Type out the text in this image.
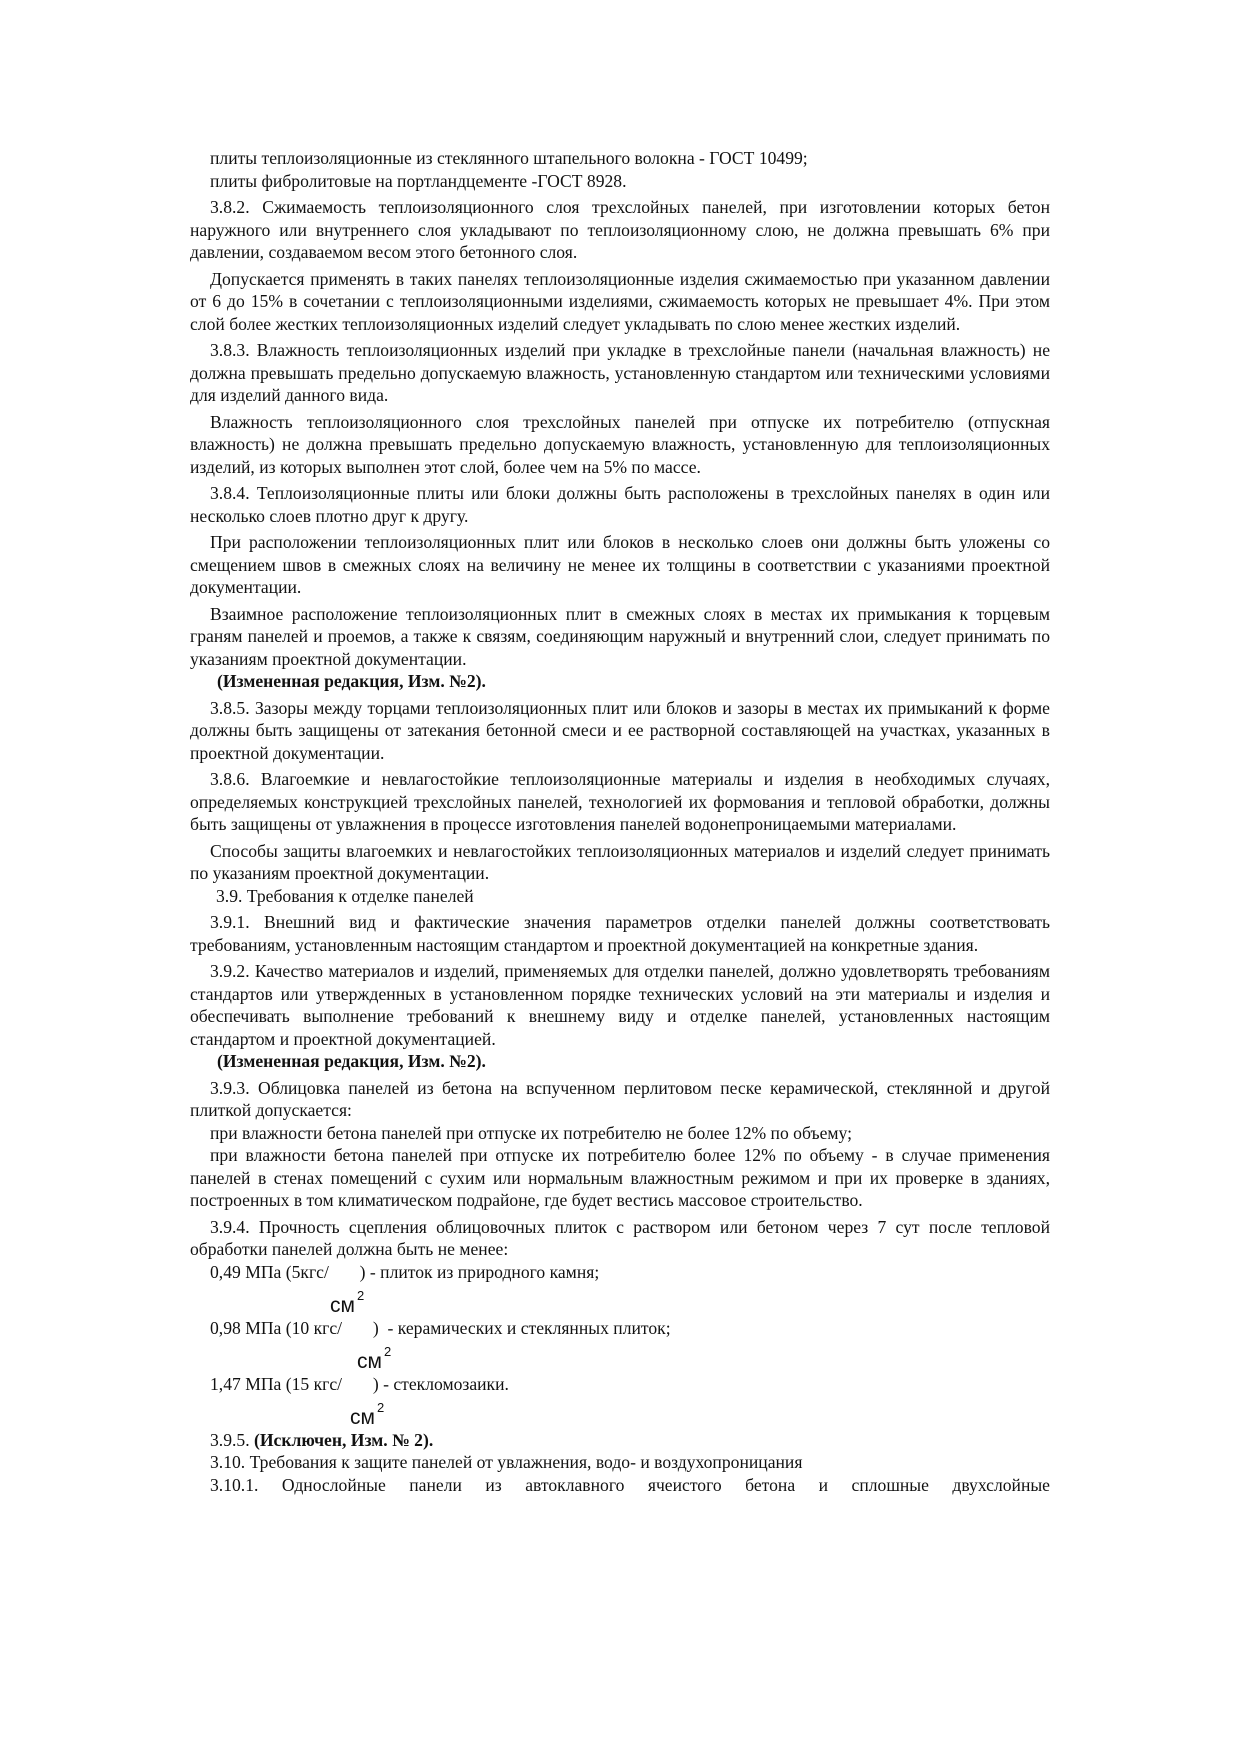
плиты теплоизоляционные из стеклянного штапельного волокна - ГОСТ 10499;

плиты фибролитовые на портландцементе -ГОСТ 8928.

3.8.2. Сжимаемость теплоизоляционного слоя трехслойных панелей, при изготовлении которых бетон наружного или внутреннего слоя укладывают по теплоизоляционному слою, не должна превышать 6% при давлении, создаваемом весом этого бетонного слоя.

Допускается применять в таких панелях теплоизоляционные изделия сжимаемостью при указанном давлении от 6 до 15% в сочетании с теплоизоляционными изделиями, сжимаемость которых не превышает 4%. При этом слой более жестких теплоизоляционных изделий следует укладывать по слою менее жестких изделий.

3.8.3. Влажность теплоизоляционных изделий при укладке в трехслойные панели (начальная влажность) не должна превышать предельно допускаемую влажность, установленную стандартом или техническими условиями для изделий данного вида.

Влажность теплоизоляционного слоя трехслойных панелей при отпуске их потребителю (отпускная влажность) не должна превышать предельно допускаемую влажность, установленную для теплоизоляционных изделий, из которых выполнен этот слой, более чем на 5% по массе.

3.8.4. Теплоизоляционные плиты или блоки должны быть расположены в трехслойных панелях в один или несколько слоев плотно друг к другу.

При расположении теплоизоляционных плит или блоков в несколько слоев они должны быть уложены со смещением швов в смежных слоях на величину не менее их толщины в соответствии с указаниями проектной документации.

Взаимное расположение теплоизоляционных плит в смежных слоях в местах их примыкания к торцевым граням панелей и проемов, а также к связям, соединяющим наружный и внутренний слои, следует принимать по указаниям проектной документации.

(Измененная редакция, Изм. №2).

3.8.5. Зазоры между торцами теплоизоляционных плит или блоков и зазоры в местах их примыканий к форме должны быть защищены от затекания бетонной смеси и ее растворной составляющей на участках, указанных в проектной документации.

3.8.6. Влагоемкие и невлагостойкие теплоизоляционные материалы и изделия в необходимых случаях, определяемых конструкцией трехслойных панелей, технологией их формования и тепловой обработки, должны быть защищены от увлажнения в процессе изготовления панелей водонепроницаемыми материалами.

Способы защиты влагоемких и невлагостойких теплоизоляционных материалов и изделий следует принимать по указаниям проектной документации.

3.9. Требования к отделке панелей

3.9.1. Внешний вид и фактические значения параметров отделки панелей должны соответствовать требованиям, установленным настоящим стандартом и проектной документацией на конкретные здания.

3.9.2. Качество материалов и изделий, применяемых для отделки панелей, должно удовлетворять требованиям стандартов или утвержденных в установленном порядке технических условий на эти материалы и изделия и обеспечивать выполнение требований к внешнему виду и отделке панелей, установленных настоящим стандартом и проектной документацией.

(Измененная редакция, Изм. №2).

3.9.3. Облицовка панелей из бетона на вспученном перлитовом песке керамической, стеклянной и другой плиткой допускается:

при влажности бетона панелей при отпуске их потребителю не более 12% по объему;

при влажности бетона панелей при отпуске их потребителю более 12% по объему - в случае применения панелей в стенах помещений с сухим или нормальным влажностным режимом и при их проверке в зданиях, построенных в том климатическом подрайоне, где будет вестись массовое строительство.

3.9.4. Прочность сцепления облицовочных плиток с раствором или бетоном через 7 сут после тепловой обработки панелей должна быть не менее:

0,49 МПа (5кгс/       ) - плиток из природного камня;
см $^2$
0,98 МПа (10 кгс/       )  - керамических и стеклянных плиток;
см $^2$
1,47 МПа (15 кгс/       ) - стекломозаики.
см $^2$

3.9.5. (Исключен, Изм. № 2).

3.10. Требования к защите панелей от увлажнения, водо- и воздухопроницания

3.10.1. Однослойные панели из автоклавного ячеистого бетона и сплошные двухслойные
